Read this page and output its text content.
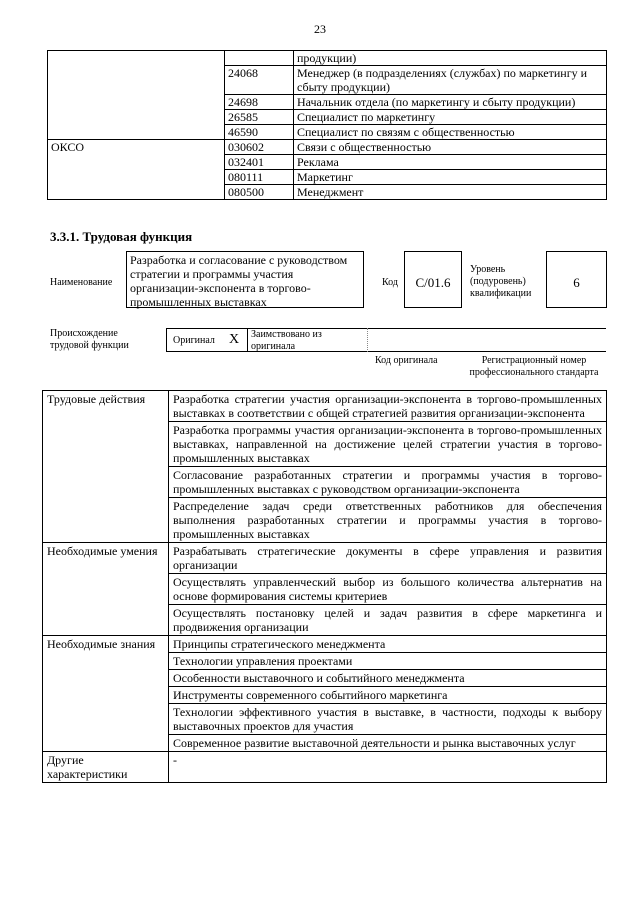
23
		продукции)
	24068	Менеджер (в подразделениях (службах) по маркетингу и сбыту продукции)
	24698	Начальник отдела (по маркетингу и сбыту продукции)
	26585	Специалист по маркетингу
	46590	Специалист по связям с общественностью
ОКСО	030602	Связи с общественностью
	032401	Реклама
	080111	Маркетинг
	080500	Менеджмент
3.3.1. Трудовая функция
Наименование
Разработка и согласование с руководством стратегии и программы участия организации-экспонента в торгово-промышленных выставках
Код	C/01.6
Уровень (подуровень) квалификации
6
Происхождение трудовой функции	Оригинал X Заимствовано из оригинала
Код оригинала	Регистрационный номер профессионального стандарта
Трудовые действия	Разработка стратегии участия организации-экспонента в торгово-промышленных выставках в соответствии с общей стратегией развития организации-экспонента
	Разработка программы участия организации-экспонента в торгово-промышленных выставках, направленной на достижение целей стратегии участия в торгово-промышленных выставках
	Согласование разработанных стратегии и программы участия в торгово-промышленных выставках с руководством организации-экспонента
	Распределение задач среди ответственных работников для обеспечения выполнения разработанных стратегии и программы участия в торгово-промышленных выставках
Необходимые умения	Разрабатывать стратегические документы в сфере управления и развития организации
	Осуществлять управленческий выбор из большого количества альтернатив на основе формирования системы критериев
	Осуществлять постановку целей и задач развития в сфере маркетинга и продвижения организации
Необходимые знания	Принципы стратегического менеджмента
	Технологии управления проектами
	Особенности выставочного и событийного менеджмента
	Инструменты современного событийного маркетинга
	Технологии эффективного участия в выставке, в частности, подходы к выбору выставочных проектов для участия
	Современное развитие выставочной деятельности и рынка выставочных услуг
Другие характеристики	-
